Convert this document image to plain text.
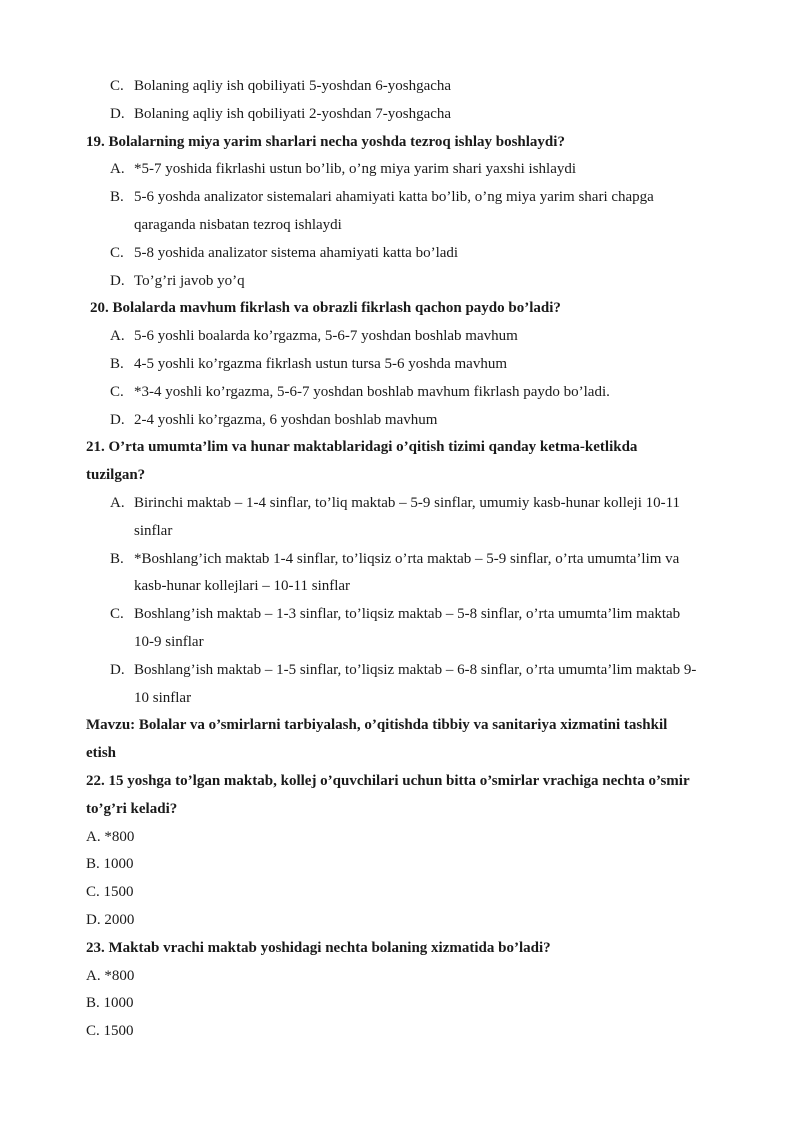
C. Bolaning aqliy ish qobiliyati 5-yoshdan 6-yoshgacha
D. Bolaning aqliy ish qobiliyati 2-yoshdan 7-yoshgacha
19. Bolalarning miya yarim sharlari necha yoshda tezroq ishlay boshlaydi?
A. *5-7 yoshida fikrlashi ustun bo’lib, o’ng miya yarim shari yaxshi ishlaydi
B. 5-6 yoshda analizator sistemalari ahamiyati katta bo’lib, o’ng miya yarim shari chapga
qaraganda nisbatan tezroq ishlaydi
C. 5-8 yoshida analizator sistema ahamiyati katta bo’ladi
D. To’g’ri javob yo’q
20. Bolalarda mavhum fikrlash va obrazli fikrlash qachon paydo bo’ladi?
A. 5-6 yoshli boalarda ko’rgazma, 5-6-7 yoshdan boshlab mavhum
B. 4-5 yoshli ko’rgazma fikrlash ustun tursa 5-6 yoshda mavhum
C. *3-4 yoshli ko’rgazma, 5-6-7 yoshdan boshlab mavhum fikrlash paydo bo’ladi.
D. 2-4 yoshli ko’rgazma, 6 yoshdan boshlab mavhum
21. O’rta umumta’lim va hunar maktablaridagi o’qitish tizimi qanday ketma-ketlikda
tuzilgan?
A. Birinchi maktab – 1-4 sinflar, to’liq maktab – 5-9 sinflar, umumiy kasb-hunar kolleji 10-11
sinflar
B. *Boshlang’ich maktab 1-4 sinflar, to’liqsiz o’rta maktab – 5-9 sinflar, o’rta umumta’lim va
kasb-hunar kollejlari – 10-11 sinflar
C. Boshlang’ish maktab – 1-3 sinflar, to’liqsiz maktab – 5-8 sinflar, o’rta umumta’lim maktab
10-9 sinflar
D. Boshlang’ish maktab – 1-5 sinflar, to’liqsiz maktab – 6-8 sinflar, o’rta umumta’lim maktab 9-
10 sinflar
Mavzu: Bolalar va o’smirlarni tarbiyalash, o’qitishda tibbiy va sanitariya xizmatini tashkil
etish
22. 15 yoshga to’lgan maktab, kollej o’quvchilari uchun bitta o’smirlar vrachiga nechta o’smir
to’g’ri keladi?
A. *800
B. 1000
C. 1500
D. 2000
23. Maktab vrachi maktab yoshidagi nechta bolaning xizmatida bo’ladi?
A. *800
B. 1000
C. 1500
